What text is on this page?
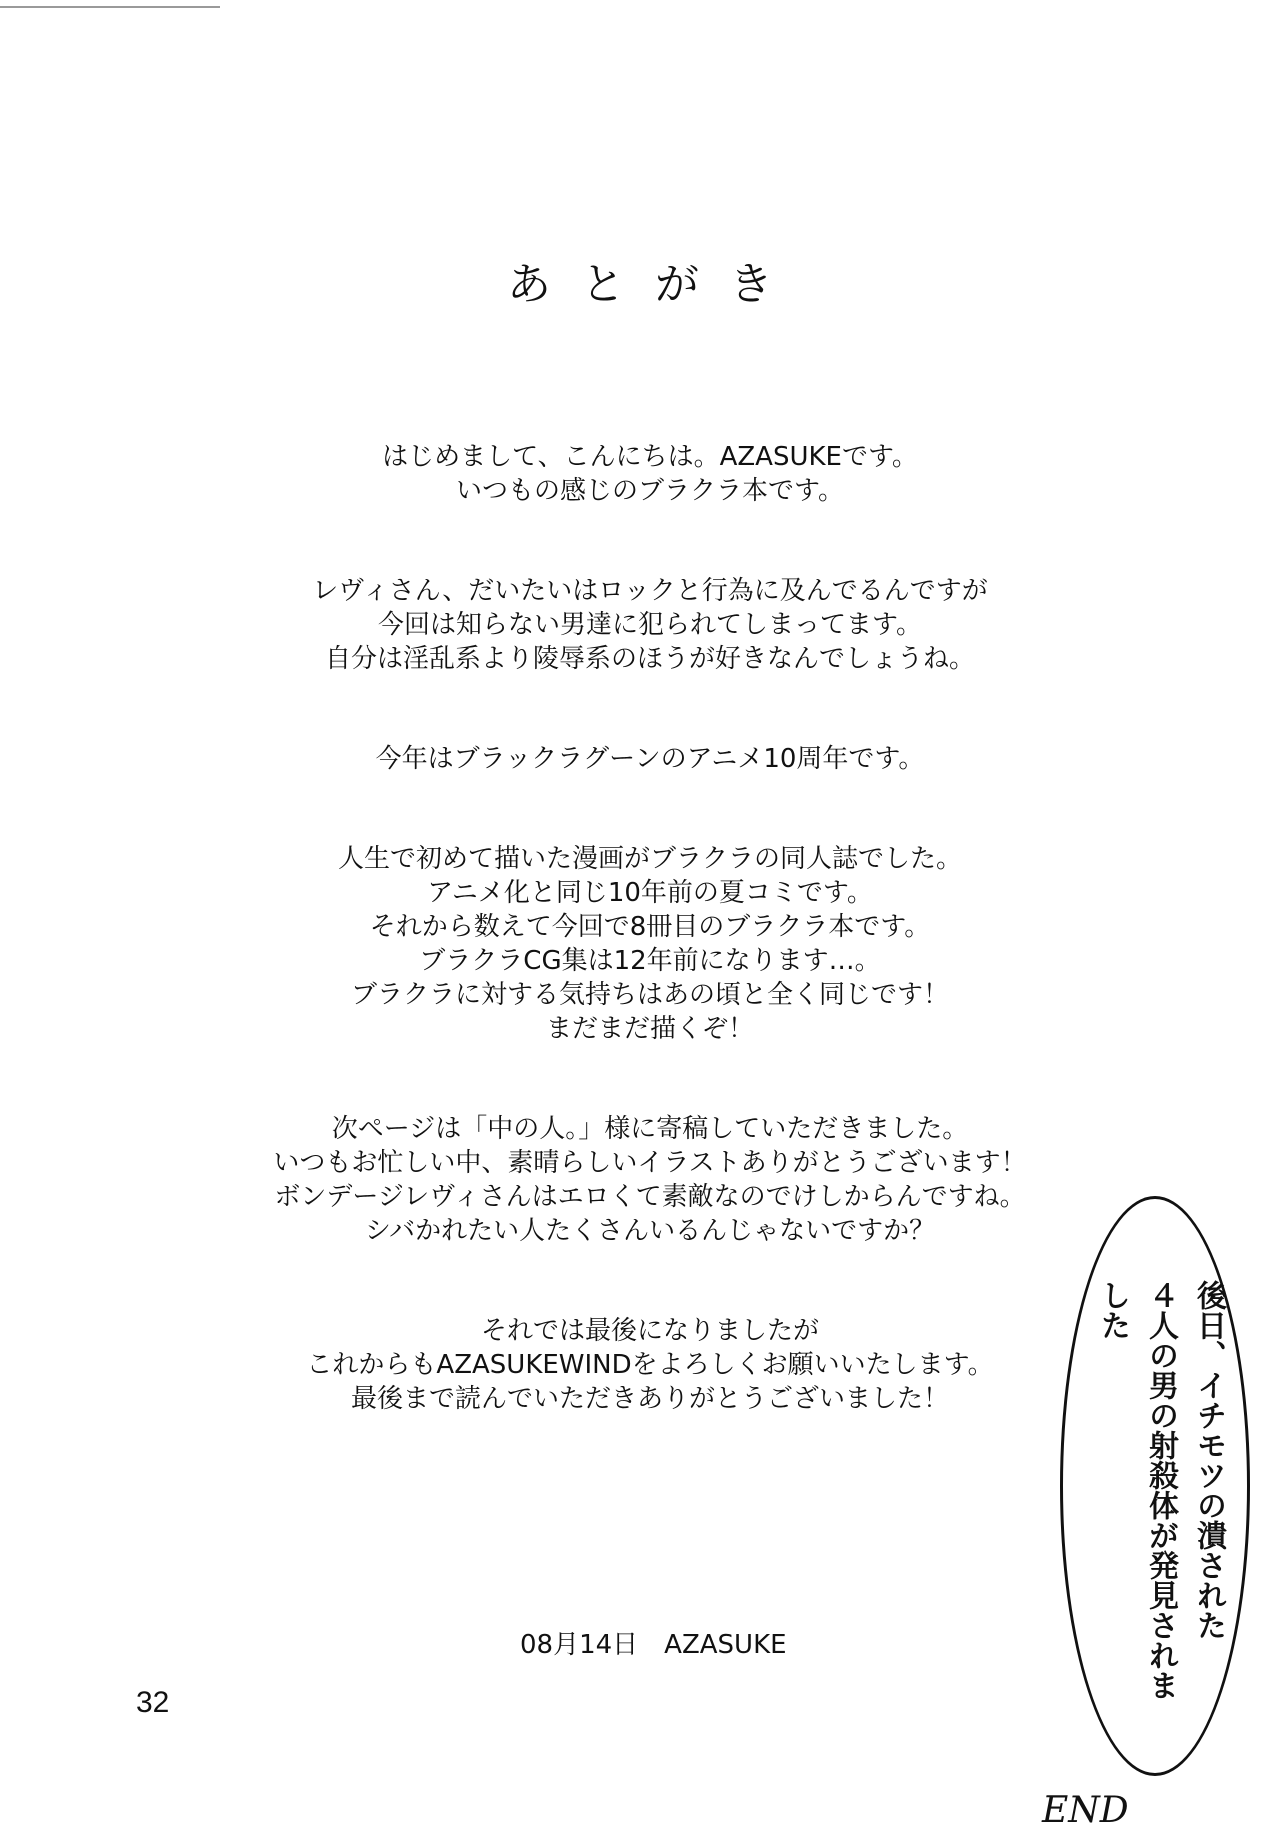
あとがき
はじめまして、こんにちは。AZASUKEです。
いつもの感じのブラクラ本です。
レヴィさん、だいたいはロックと行為に及んでるんですが
今回は知らない男達に犯られてしまってます。
自分は淫乱系より陵辱系のほうが好きなんでしょうね。
今年はブラックラグーンのアニメ10周年です。
人生で初めて描いた漫画がブラクラの同人誌でした。
アニメ化と同じ10年前の夏コミです。
それから数えて今回で8冊目のブラクラ本です。
ブラクラCG集は12年前になります…。
ブラクラに対する気持ちはあの頃と全く同じです！
まだまだ描くぞ！
次ページは「中の人。」様に寄稿していただきました。
いつもお忙しい中、素晴らしいイラストありがとうございます！
ボンデージレヴィさんはエロくて素敵なのでけしからんですね。
シバかれたい人たくさんいるんじゃないですか？
それでは最後になりましたが
これからもAZASUKEWINDをよろしくお願いいたします。
最後まで読んでいただきありがとうございました！
08月14日　AZASUKE
32
後日、イチモツの潰された
４人の男の射殺体が発見されました
END
